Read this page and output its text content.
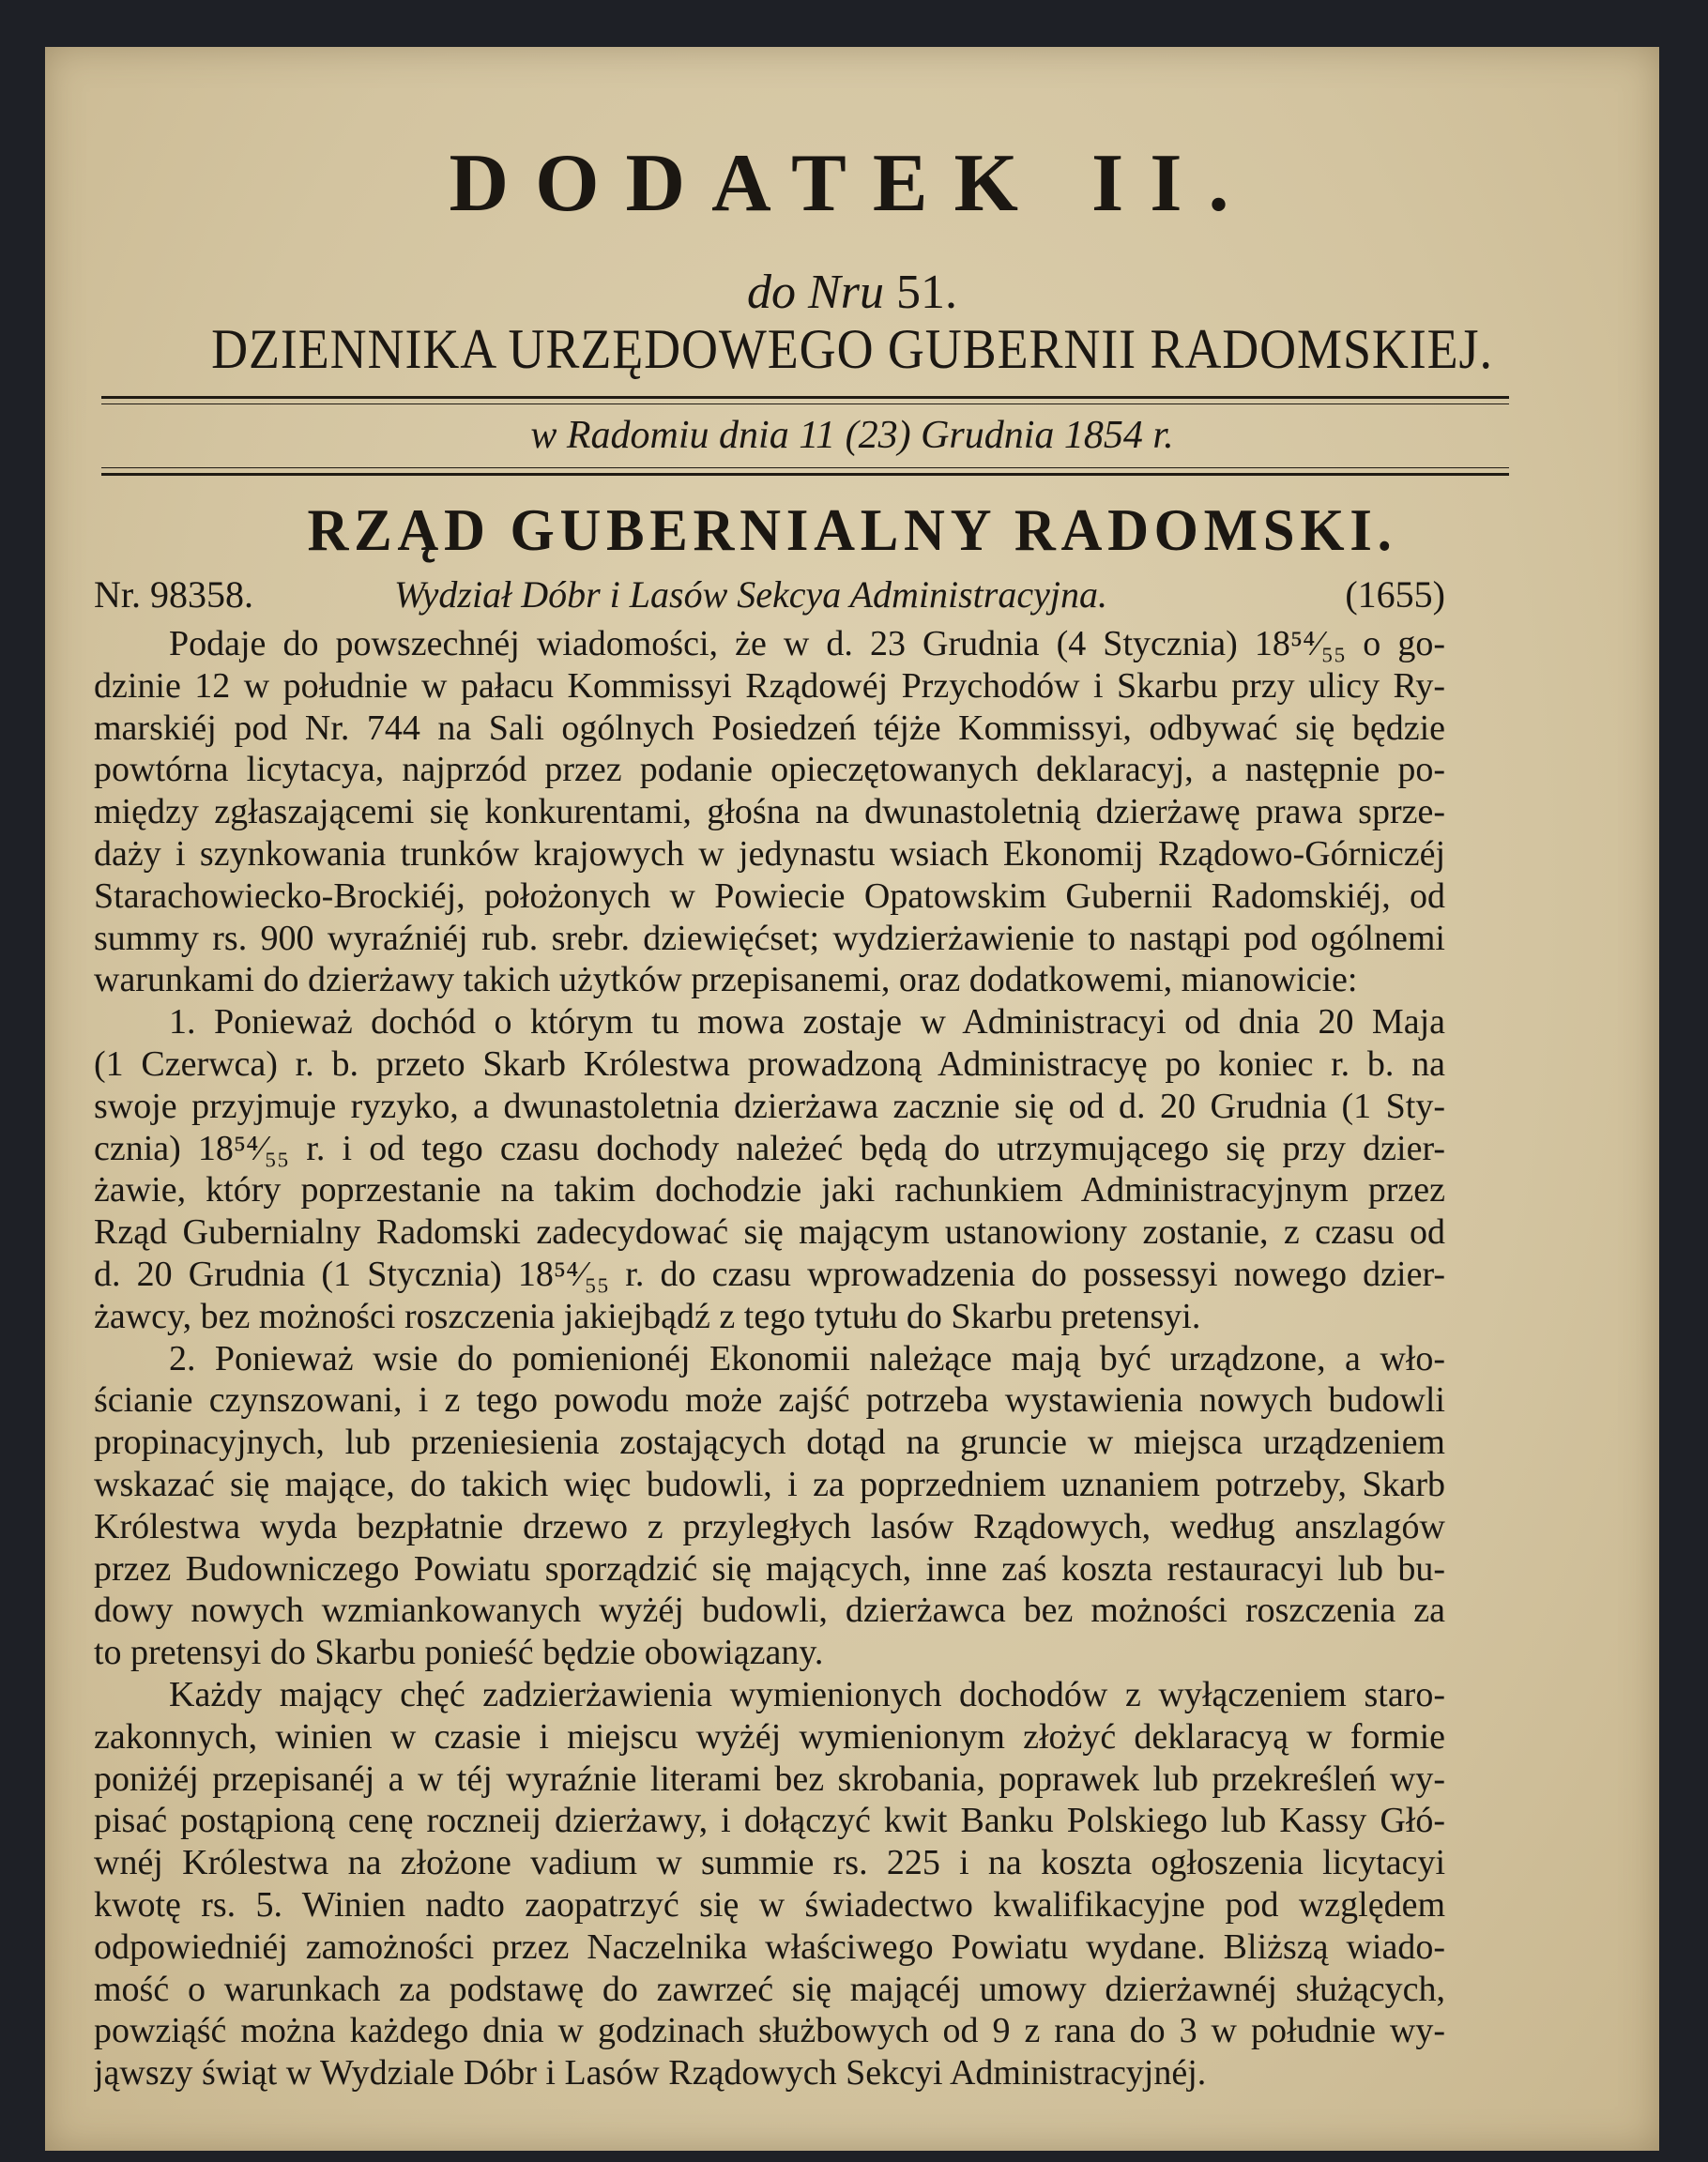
DODATEK II.
do Nru 51.
DZIENNIKA URZĘDOWEGO GUBERNII RADOMSKIEJ.
w Radomiu dnia 11 (23) Grudnia 1854 r.
RZĄD GUBERNIALNY RADOMSKI.
Nr. 98358.	Wydział Dóbr i Lasów Sekcya Administracyjna.	(1655)
Podaje do powszechnéj wiadomości, że w d. 23 Grudnia (4 Stycznia) 18⁵⁴⁄₅₅ o go-
dzinie 12 w południe w pałacu Kommissyi Rządowéj Przychodów i Skarbu przy ulicy Ry-
marskiéj pod Nr. 744 na Sali ogólnych Posiedzeń téjże Kommissyi, odbywać się będzie
powtórna licytacya, najprzód przez podanie opieczętowanych deklaracyj, a następnie po-
między zgłaszającemi się konkurentami, głośna na dwunastoletnią dzierżawę prawa sprze-
daży i szynkowania trunków krajowych w jedynastu wsiach Ekonomij Rządowo-Górniczéj
Starachowiecko-Brockiéj, położonych w Powiecie Opatowskim Gubernii Radomskiéj, od
summy rs. 900 wyraźniéj rub. srebr. dziewięćset; wydzierżawienie to nastąpi pod ogólnemi
warunkami do dzierżawy takich użytków przepisanemi, oraz dodatkowemi, mianowicie:
1. Ponieważ dochód o którym tu mowa zostaje w Administracyi od dnia 20 Maja
(1 Czerwca) r. b. przeto Skarb Królestwa prowadzoną Administracyę po koniec r. b. na
swoje przyjmuje ryzyko, a dwunastoletnia dzierżawa zacznie się od d. 20 Grudnia (1 Sty-
cznia) 18⁵⁴⁄₅₅ r. i od tego czasu dochody należeć będą do utrzymującego się przy dzier-
żawie, który poprzestanie na takim dochodzie jaki rachunkiem Administracyjnym przez
Rząd Gubernialny Radomski zadecydować się mającym ustanowiony zostanie, z czasu od
d. 20 Grudnia (1 Stycznia) 18⁵⁴⁄₅₅ r. do czasu wprowadzenia do possessyi nowego dzier-
żawcy, bez możności roszczenia jakiejbądź z tego tytułu do Skarbu pretensyi.
2. Ponieważ wsie do pomienionéj Ekonomii należące mają być urządzone, a wło-
ścianie czynszowani, i z tego powodu może zajść potrzeba wystawienia nowych budowli
propinacyjnych, lub przeniesienia zostających dotąd na gruncie w miejsca urządzeniem
wskazać się mające, do takich więc budowli, i za poprzedniem uznaniem potrzeby, Skarb
Królestwa wyda bezpłatnie drzewo z przyległych lasów Rządowych, według anszlagów
przez Budowniczego Powiatu sporządzić się mających, inne zaś koszta restauracyi lub bu-
dowy nowych wzmiankowanych wyżéj budowli, dzierżawca bez możności roszczenia za
to pretensyi do Skarbu ponieść będzie obowiązany.
Każdy mający chęć zadzierżawienia wymienionych dochodów z wyłączeniem staro-
zakonnych, winien w czasie i miejscu wyżéj wymienionym złożyć deklaracyą w formie
poniżéj przepisanéj a w téj wyraźnie literami bez skrobania, poprawek lub przekreśleń wy-
pisać postąpioną cenę roczneij dzierżawy, i dołączyć kwit Banku Polskiego lub Kassy Głó-
wnéj Królestwa na złożone vadium w summie rs. 225 i na koszta ogłoszenia licytacyi
kwotę rs. 5. Winien nadto zaopatrzyć się w świadectwo kwalifikacyjne pod względem
odpowiedniéj zamożności przez Naczelnika właściwego Powiatu wydane. Bliższą wiado-
mość o warunkach za podstawę do zawrzeć się mającéj umowy dzierżawnéj służących,
powziąść można każdego dnia w godzinach służbowych od 9 z rana do 3 w południe wy-
jąwszy świąt w Wydziale Dóbr i Lasów Rządowych Sekcyi Administracyjnéj.
